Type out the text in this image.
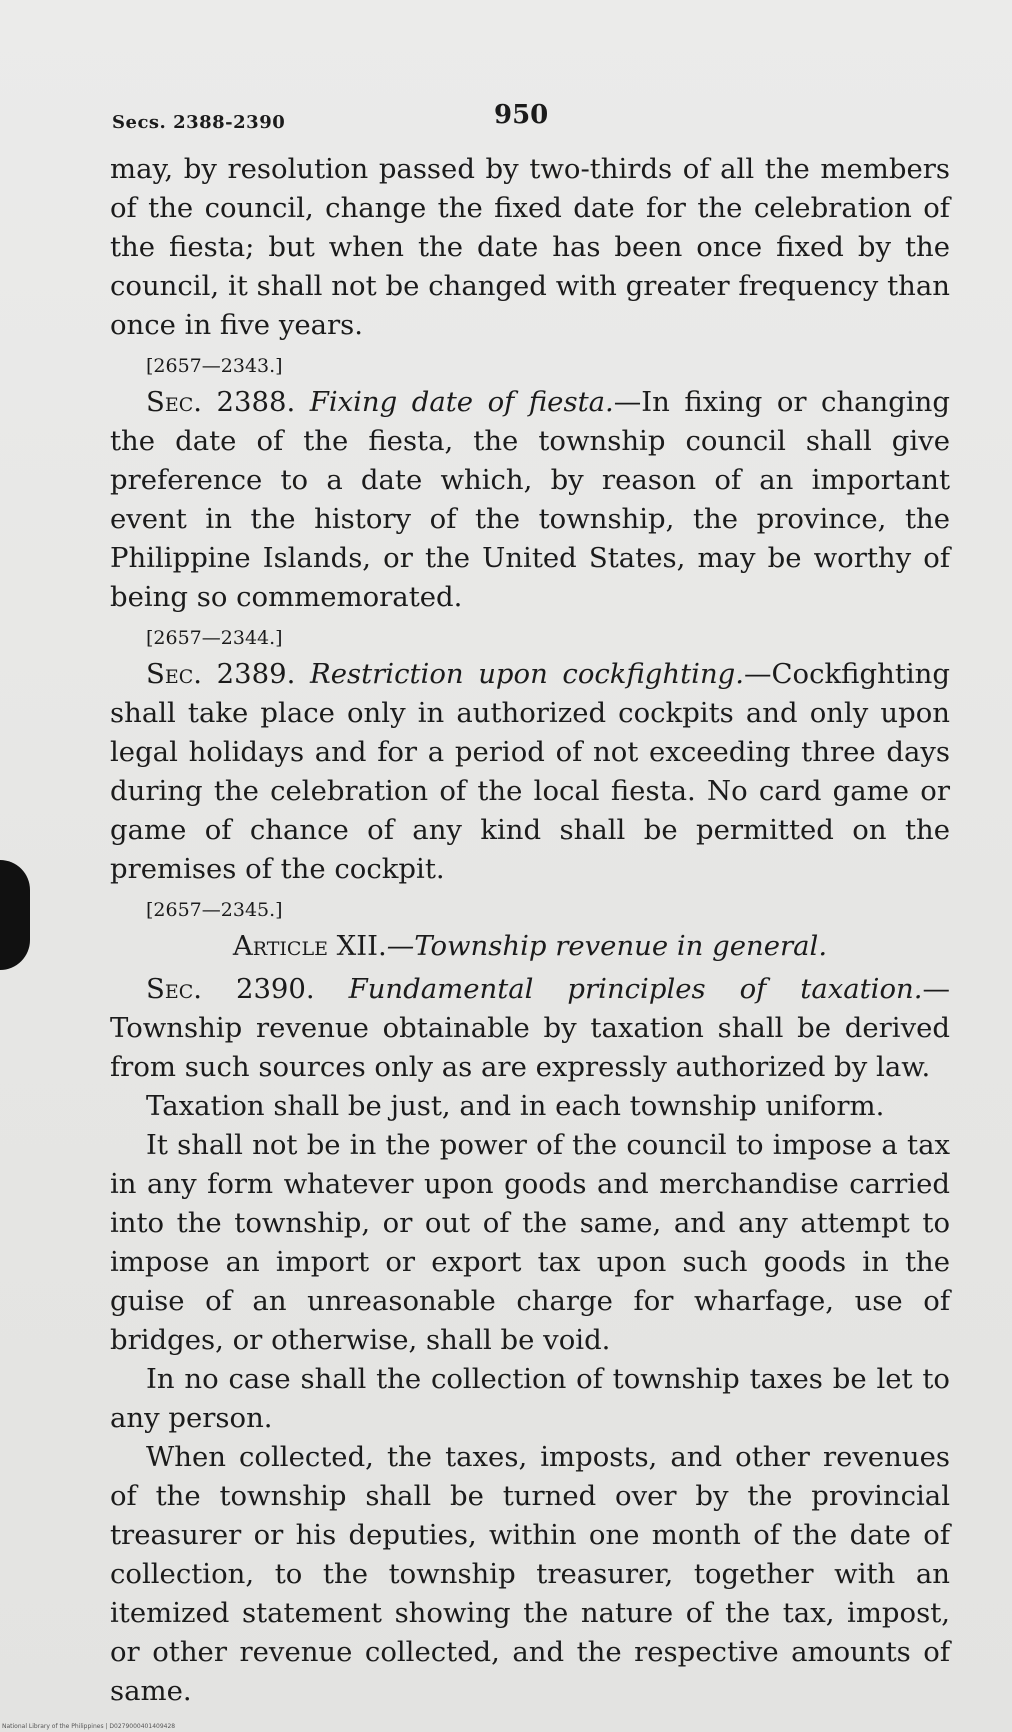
Secs. 2388-2390	950

may, by resolution passed by two-thirds of all the members of the council, change the fixed date for the celebration of the fiesta; but when the date has been once fixed by the council, it shall not be changed with greater frequency than once in five years.

[2657—2343.]

Sec. 2388. Fixing date of fiesta.—In fixing or changing the date of the fiesta, the township council shall give preference to a date which, by reason of an important event in the history of the township, the province, the Philippine Islands, or the United States, may be worthy of being so commemorated.

[2657—2344.]

Sec. 2389. Restriction upon cockfighting.—Cockfighting shall take place only in authorized cockpits and only upon legal holidays and for a period of not exceeding three days during the celebration of the local fiesta. No card game or game of chance of any kind shall be permitted on the premises of the cockpit.

[2657—2345.]

Article XII.—Township revenue in general.

Sec. 2390. Fundamental principles of taxation.—Township revenue obtainable by taxation shall be derived from such sources only as are expressly authorized by law.

Taxation shall be just, and in each township uniform.

It shall not be in the power of the council to impose a tax in any form whatever upon goods and merchandise carried into the township, or out of the same, and any attempt to impose an import or export tax upon such goods in the guise of an unreasonable charge for wharfage, use of bridges, or otherwise, shall be void.

In no case shall the collection of township taxes be let to any person.

When collected, the taxes, imposts, and other revenues of the township shall be turned over by the provincial treasurer or his deputies, within one month of the date of collection, to the township treasurer, together with an itemized statement showing the nature of the tax, impost, or other revenue collected, and the respective amounts of same.

National Library of the Philippines | D0279000401409428
